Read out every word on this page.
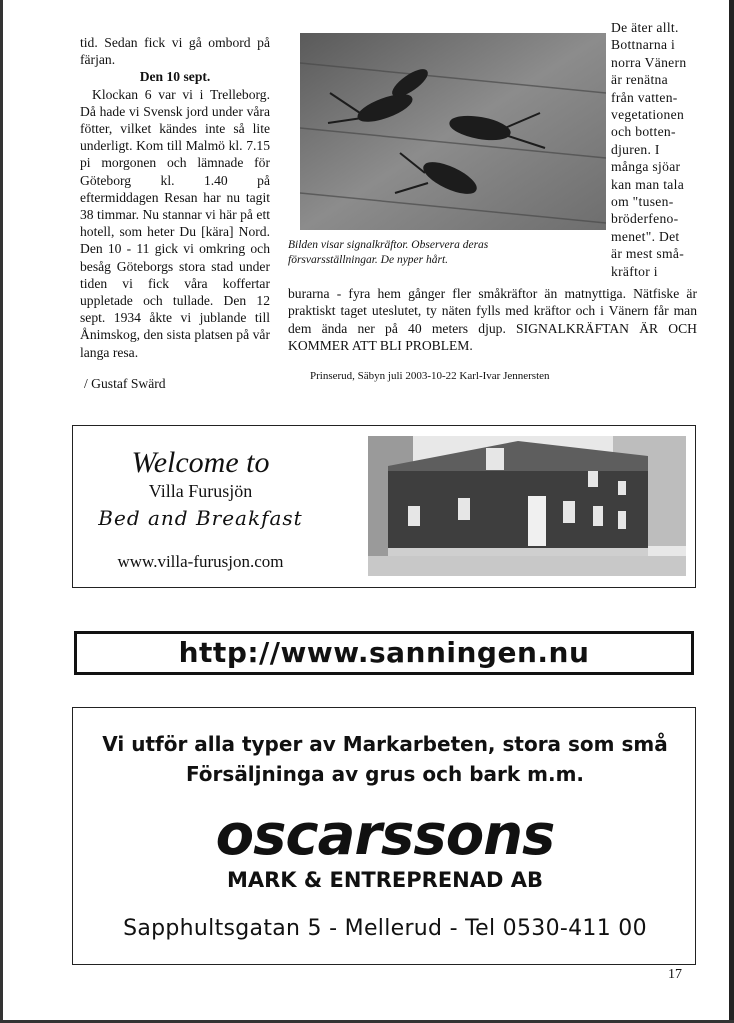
tid. Sedan fick vi gå ombord på färjan.

Den 10 sept.

Klockan 6 var vi i Trelleborg. Då hade vi Svensk jord under våra fötter, vilket kändes inte så lite underligt. Kom till Malmö kl. 7.15 pi morgonen och lämnade för Göteborg kl. 1.40 på eftermiddagen Resan har nu tagit 38 timmar. Nu stannar vi här på ett hotell, som heter Du [kära] Nord. Den 10 - 11 gick vi omkring och besåg Göteborgs stora stad under tiden vi fick våra koffertar uppletade och tullade. Den 12 sept. 1934 åkte vi jublande till Ånimskog, den sista platsen på vår langa resa.

/ Gustaf Swärd

Bilden visar signalkräftor. Observera deras försvarsställningar. De nyper hårt.
De äter allt.
Bottnarna i
norra Vänern
är renätna
från vatten-
vegetationen
och botten-
djuren. I
många sjöar
kan man tala
om "tusen-
bröderfeno-
menet". Det
är mest små-
kräftor i

burarna - fyra hem gånger fler småkräftor än matnyttiga. Nätfiske är praktiskt taget uteslutet, ty näten fylls med kräftor och i Vänern får man dem ända ner på 40 meters djup. SIGNALKRÄFTAN ÄR OCH KOMMER ATT BLI PROBLEM.

Prinserud, Säbyn juli 2003-10-22 Karl-Ivar Jennersten

Welcome to
Villa Furusjön
Bed and Breakfast
www.villa-furusjon.com
http://www.sanningen.nu
Vi utför alla typer av Markarbeten, stora som små
Försäljninga av grus och bark m.m.
oscarssons
MARK & ENTREPRENAD AB
Sapphultsgatan 5 - Mellerud - Tel 0530-411 00
17
